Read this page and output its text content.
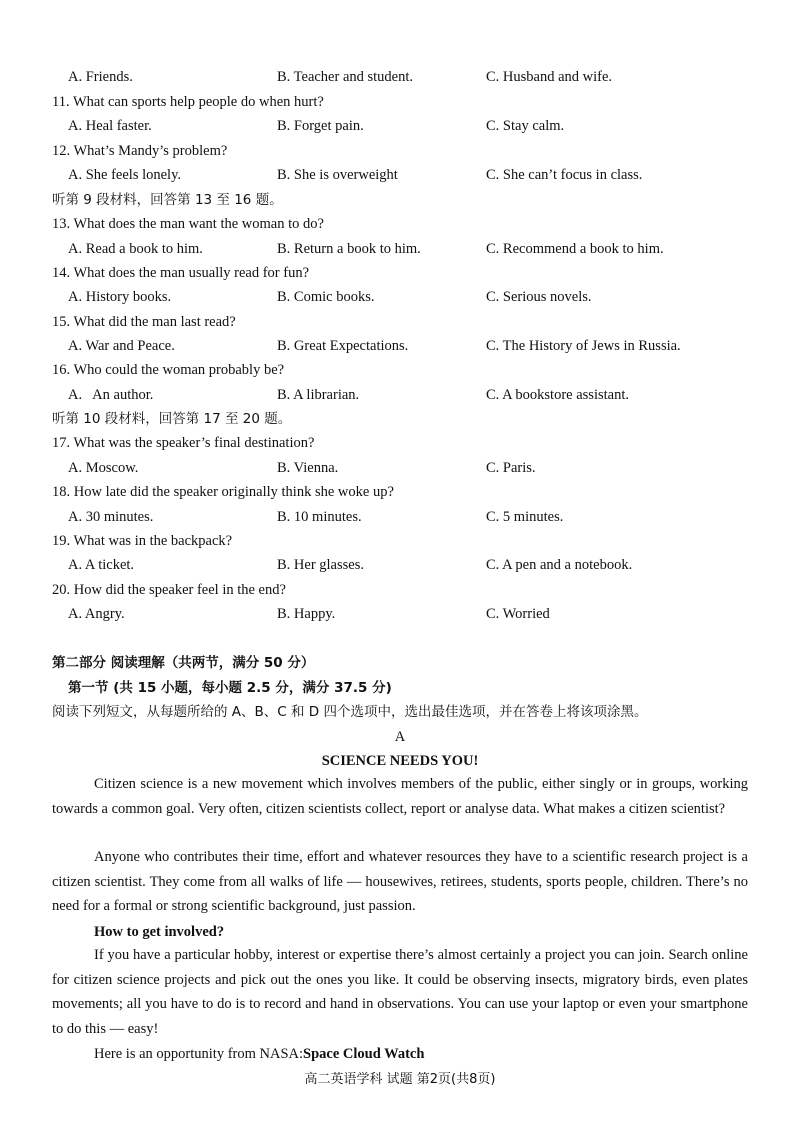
A. Friends.	B. Teacher and student.	C. Husband and wife.
11. What can sports help people do when hurt?
A. Heal faster.	B. Forget pain.	C. Stay calm.
12. What’s Mandy’s problem?
A. She feels lonely.	B. She is overweight	C. She can’t focus in class.
听第 9 段材料，回答第 13 至 16 题。
13. What does the man want the woman to do?
A. Read a book to him.	B. Return a book to him.	C. Recommend a book to him.
14. What does the man usually read for fun?
A. History books.	B. Comic books.	C. Serious novels.
15. What did the man last read?
A. War and Peace.	B. Great Expectations.	C. The History of Jews in Russia.
16. Who could the woman probably be?
A.   An author.	B. A librarian.	C. A bookstore assistant.
听第 10 段材料，回答第 17 至 20 题。
17. What was the speaker’s final destination?
A. Moscow.	B. Vienna.	C. Paris.
18. How late did the speaker originally think she woke up?
A. 30 minutes.	B. 10 minutes.	C. 5 minutes.
19. What was in the backpack?
A. A ticket.	B. Her glasses.	C. A pen and a notebook.
20. How did the speaker feel in the end?
A. Angry.	B. Happy.	C. Worried
第二部分 阅读理解（共两节，满分 50 分）
第一节 (共 15 小题，每小题 2.5 分，满分 37.5 分)
阅读下列短文，从每题所给的 A、B、C 和 D 四个选项中，选出最佳选项，并在答卷上将该项涂黑。
A
SCIENCE NEEDS YOU!
Citizen science is a new movement which involves members of the public, either singly or in groups, working towards a common goal. Very often, citizen scientists collect, report or analyse data. What makes a citizen scientist?
Anyone who contributes their time, effort and whatever resources they have to a scientific research project is a citizen scientist. They come from all walks of life — housewives, retirees, students, sports people, children. There’s no need for a formal or strong scientific background, just passion.
How to get involved?
If you have a particular hobby, interest or expertise there’s almost certainly a project you can join. Search online for citizen science projects and pick out the ones you like. It could be observing insects, migratory birds, even plates movements; all you have to do is to record and hand in observations. You can use your laptop or even your smartphone to do this — easy!
Here is an opportunity from NASA:Space Cloud Watch
高二英语学科 试题 第2页(共8页)
